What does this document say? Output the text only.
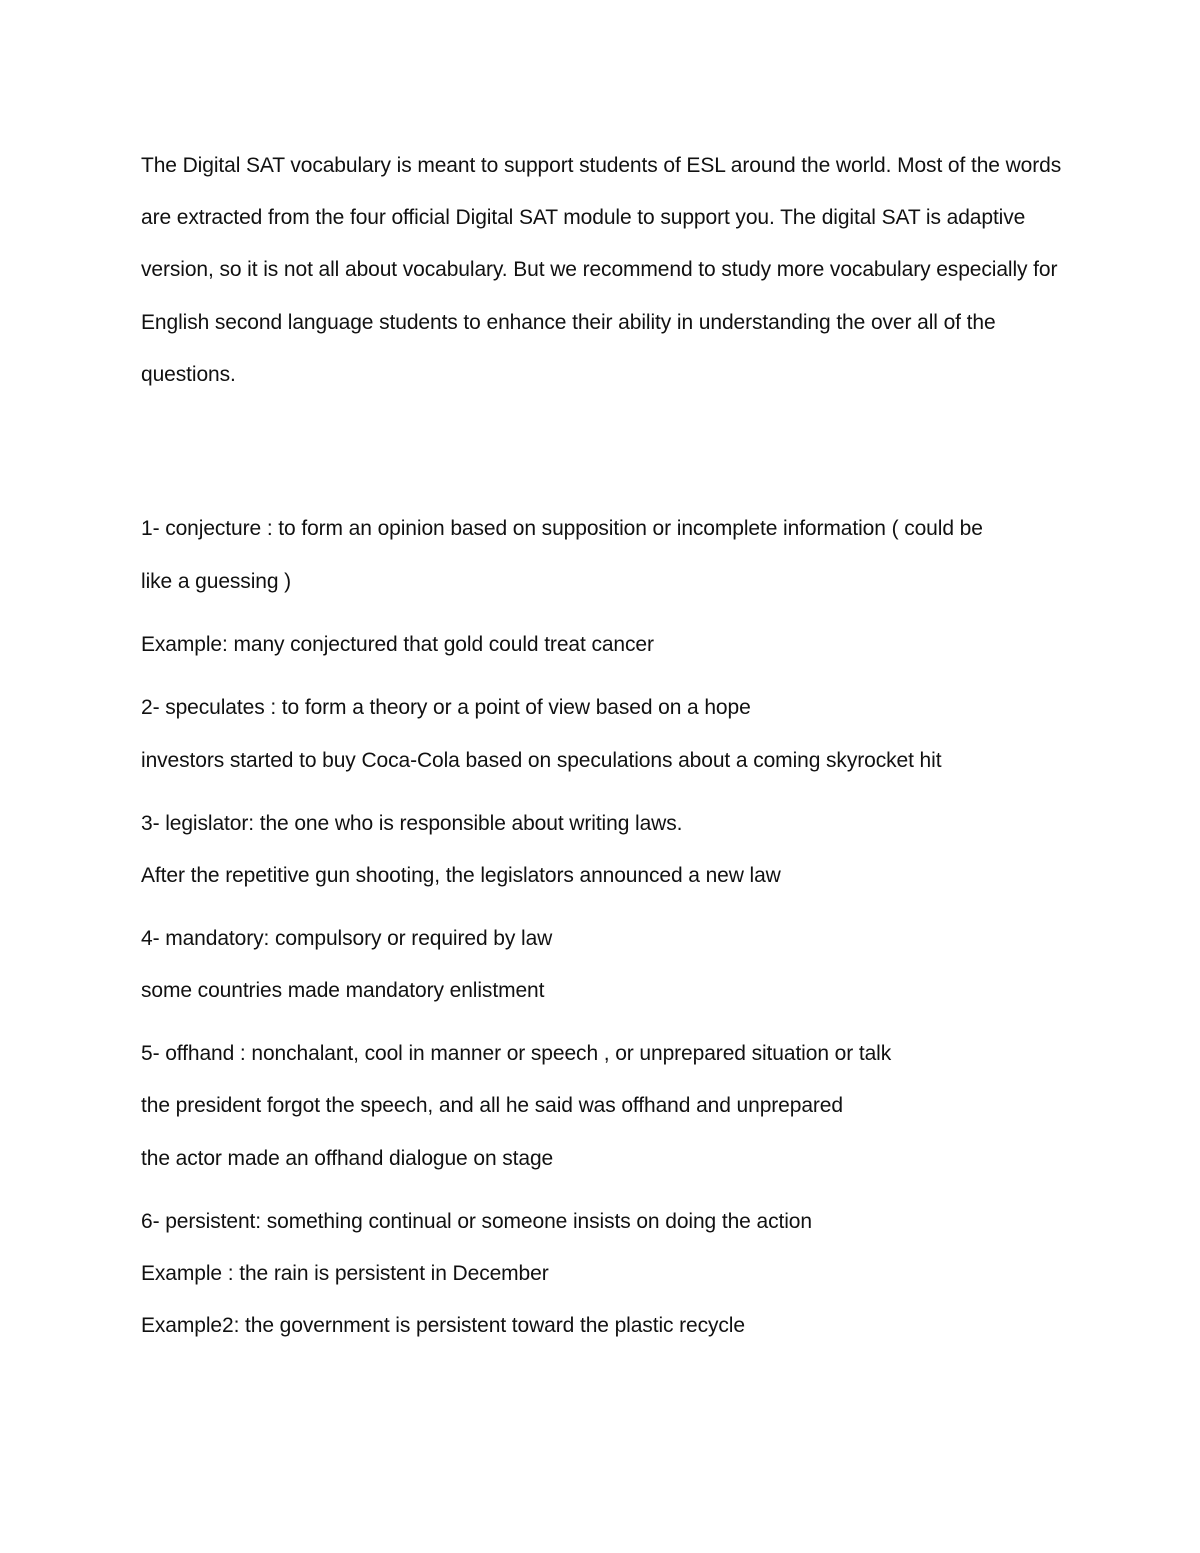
The Digital SAT vocabulary is meant to support students of ESL around the world. Most of the words are extracted from the four official Digital SAT module to support you. The digital SAT is adaptive version, so it is not all about vocabulary. But we recommend to study more vocabulary especially for English second language students to enhance their ability in understanding the over all of the questions.

1- conjecture : to form an opinion based on supposition or incomplete information ( could be

like a guessing )

Example: many conjectured that gold could treat cancer

2- speculates : to form a theory or a point of view based on a hope

investors started to buy Coca-Cola based on speculations about a coming skyrocket hit

3- legislator: the one who is responsible about writing laws.

After the repetitive gun shooting, the legislators announced a new law

4- mandatory: compulsory or required by law

some countries made mandatory enlistment

5- offhand : nonchalant, cool in manner or speech , or unprepared situation or talk

the president forgot the speech, and all he said was offhand and unprepared

the actor made an offhand dialogue on stage

6- persistent: something continual or someone insists on doing the action

Example : the rain is persistent in December

Example2: the government is persistent toward the plastic recycle
